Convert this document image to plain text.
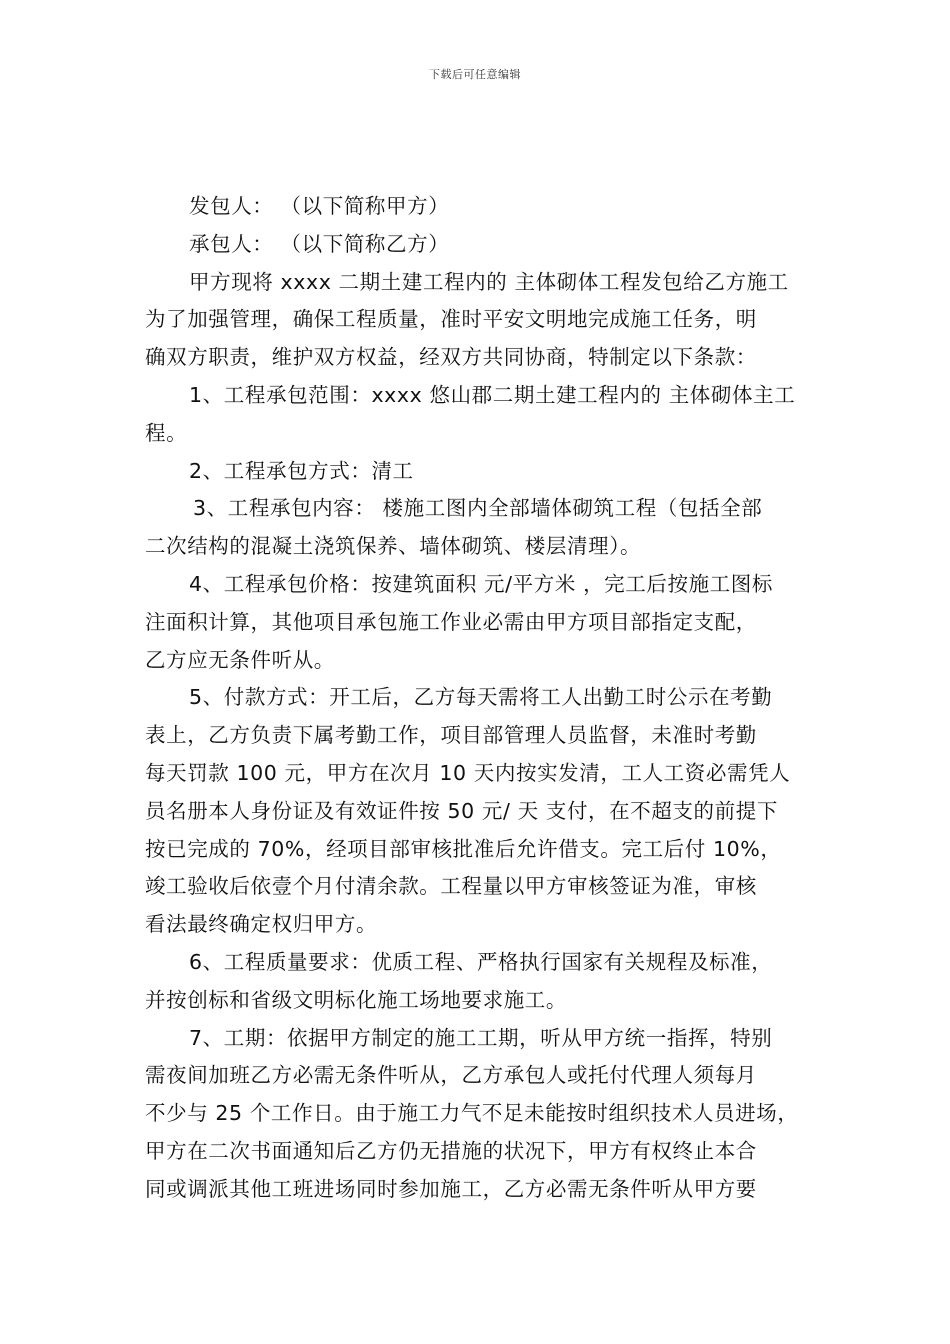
下载后可任意编辑
发包人： （以下简称甲方）
承包人： （以下简称乙方）
甲方现将 xxxx 二期土建工程内的 主体砌体工程发包给乙方施工
为了加强管理，确保工程质量，准时平安文明地完成施工任务，明
确双方职责，维护双方权益，经双方共同协商，特制定以下条款：
1、工程承包范围：xxxx 悠山郡二期土建工程内的 主体砌体主工
程。
2、工程承包方式：清工
3、工程承包内容： 楼施工图内全部墙体砌筑工程（包括全部
二次结构的混凝土浇筑保养、墙体砌筑、楼层清理）。
4、工程承包价格：按建筑面积 元/平方米 ，完工后按施工图标
注面积计算，其他项目承包施工作业必需由甲方项目部指定支配，
乙方应无条件听从。
5、付款方式：开工后，乙方每天需将工人出勤工时公示在考勤
表上，乙方负责下属考勤工作，项目部管理人员监督，未准时考勤
每天罚款 100 元，甲方在次月 10 天内按实发清，工人工资必需凭人
员名册本人身份证及有效证件按 50 元/ 天 支付，在不超支的前提下
按已完成的 70%，经项目部审核批准后允许借支。完工后付 10%，
竣工验收后依壹个月付清余款。工程量以甲方审核签证为准，审核
看法最终确定权归甲方。
6、工程质量要求：优质工程、严格执行国家有关规程及标准，
并按创标和省级文明标化施工场地要求施工。
7、工期：依据甲方制定的施工工期，听从甲方统一指挥，特别
需夜间加班乙方必需无条件听从，乙方承包人或托付代理人须每月
不少与 25 个工作日。由于施工力气不足未能按时组织技术人员进场，
甲方在二次书面通知后乙方仍无措施的状况下，甲方有权终止本合
同或调派其他工班进场同时参加施工，乙方必需无条件听从甲方要
